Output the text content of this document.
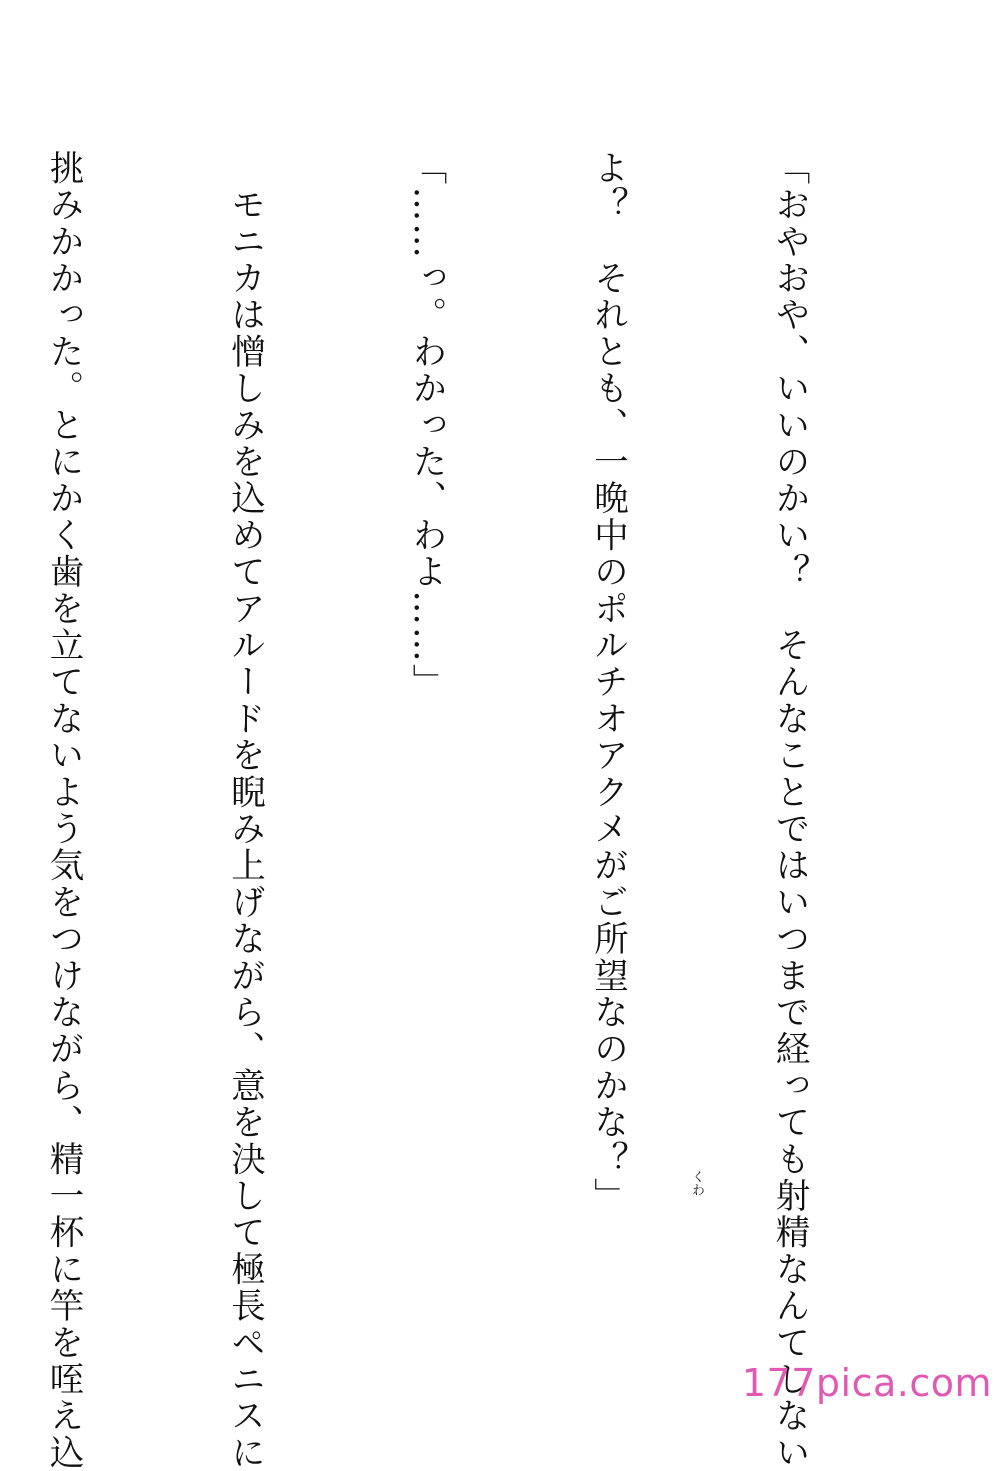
「おやおや、いいのかい？　そんなことではいつまで経っても射精なんてしない

よ？　それとも、一晩中のポルチオアクメがご所望なのかな？」

「……っ。わかった、わよ……」

　モニカは憎しみを込めてアルードを睨み上げながら、意を決して極長ペニスに

挑みかかった。とにかく歯を立てないよう気をつけながら、精一杯に竿を咥え込

	くわ
177pica.com
